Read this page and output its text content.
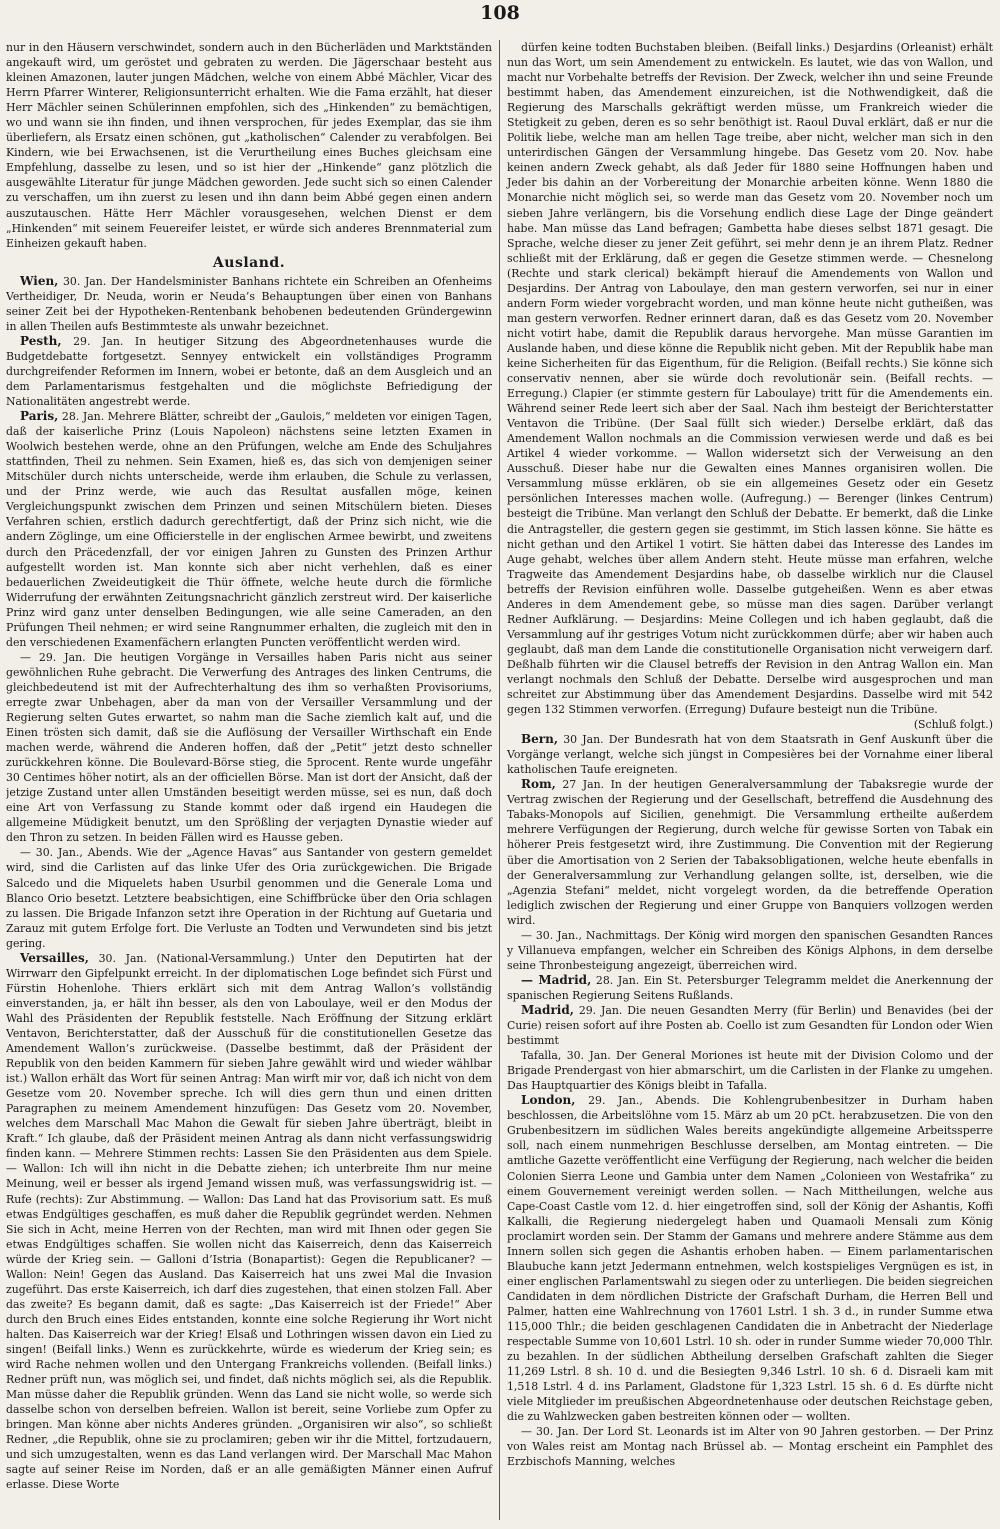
108

nur in den Häusern verschwindet, sondern auch in den Bücherläden und Marktständen angekauft wird, um geröstet und gebraten zu werden. Die Jägerschaar besteht aus kleinen Amazonen, lauter jungen Mädchen, welche von einem Abbé Mächler, Vicar des Herrn Pfarrer Winterer, Religionsunterricht erhalten. Wie die Fama erzählt, hat dieser Herr Mächler seinen Schülerinnen empfohlen, sich des „Hinkenden“ zu bemächtigen, wo und wann sie ihn finden, und ihnen versprochen, für jedes Exemplar, das sie ihm überliefern, als Ersatz einen schönen, gut „katholischen“ Calender zu verabfolgen. Bei Kindern, wie bei Erwachsenen, ist die Verurtheilung eines Buches gleichsam eine Empfehlung, dasselbe zu lesen, und so ist hier der „Hinkende“ ganz plötzlich die ausgewählte Literatur für junge Mädchen geworden. Jede sucht sich so einen Calender zu verschaffen, um ihn zuerst zu lesen und ihn dann beim Abbé gegen einen andern auszutauschen. Hätte Herr Mächler vorausgesehen, welchen Dienst er dem „Hinkenden“ mit seinem Feuereifer leistet, er würde sich anderes Brennmaterial zum Einheizen gekauft haben.

Ausland.

Wien, 30. Jan. Der Handelsminister Banhans richtete ein Schreiben an Ofenheims Vertheidiger, Dr. Neuda, worin er Neuda’s Behauptungen über einen von Banhans seiner Zeit bei der Hypotheken-Rentenbank behobenen bedeutenden Gründergewinn in allen Theilen aufs Bestimmteste als unwahr bezeichnet.

Pesth, 29. Jan. In heutiger Sitzung des Abgeordnetenhauses wurde die Budgetdebatte fortgesetzt. Sennyey entwickelt ein vollständiges Programm durchgreifender Reformen im Innern, wobei er betonte, daß an dem Ausgleich und an dem Parlamentarismus festgehalten und die möglichste Befriedigung der Nationalitäten angestrebt werde.

Paris, 28. Jan. Mehrere Blätter, schreibt der „Gaulois,“ meldeten vor einigen Tagen, daß der kaiserliche Prinz (Louis Napoleon) nächstens seine letzten Examen in Woolwich bestehen werde, ohne an den Prüfungen, welche am Ende des Schuljahres stattfinden, Theil zu nehmen. Sein Examen, hieß es, das sich von demjenigen seiner Mitschüler durch nichts unterscheide, werde ihm erlauben, die Schule zu verlassen, und der Prinz werde, wie auch das Resultat ausfallen möge, keinen Vergleichungspunkt zwischen dem Prinzen und seinen Mitschülern bieten. Dieses Verfahren schien, erstlich dadurch gerechtfertigt, daß der Prinz sich nicht, wie die andern Zöglinge, um eine Officierstelle in der englischen Armee bewirbt, und zweitens durch den Präcedenzfall, der vor einigen Jahren zu Gunsten des Prinzen Arthur aufgestellt worden ist. Man konnte sich aber nicht verhehlen, daß es einer bedauerlichen Zweideutigkeit die Thür öffnete, welche heute durch die förmliche Widerrufung der erwähnten Zeitungsnachricht gänzlich zerstreut wird. Der kaiserliche Prinz wird ganz unter denselben Bedingungen, wie alle seine Cameraden, an den Prüfungen Theil nehmen; er wird seine Rangnummer erhalten, die zugleich mit den in den verschiedenen Examenfächern erlangten Puncten veröffentlicht werden wird.

— 29. Jan. Die heutigen Vorgänge in Versailles haben Paris nicht aus seiner gewöhnlichen Ruhe gebracht. Die Verwerfung des Antrages des linken Centrums, die gleichbedeutend ist mit der Aufrechterhaltung des ihm so verhaßten Provisoriums, erregte zwar Unbehagen, aber da man von der Versailler Versammlung und der Regierung selten Gutes erwartet, so nahm man die Sache ziemlich kalt auf, und die Einen trösten sich damit, daß sie die Auflösung der Versailler Wirthschaft ein Ende machen werde, während die Anderen hoffen, daß der „Petit“ jetzt desto schneller zurückkehren könne. Die Boulevard-Börse stieg, die 5procent. Rente wurde ungefähr 30 Centimes höher notirt, als an der officiellen Börse. Man ist dort der Ansicht, daß der jetzige Zustand unter allen Umständen beseitigt werden müsse, sei es nun, daß doch eine Art von Verfassung zu Stande kommt oder daß irgend ein Haudegen die allgemeine Müdigkeit benutzt, um den Sprößling der verjagten Dynastie wieder auf den Thron zu setzen. In beiden Fällen wird es Hausse geben.

— 30. Jan., Abends. Wie der „Agence Havas“ aus Santander von gestern gemeldet wird, sind die Carlisten auf das linke Ufer des Oria zurückgewichen. Die Brigade Salcedo und die Miquelets haben Usurbil genommen und die Generale Loma und Blanco Orio besetzt. Letztere beabsichtigen, eine Schiffbrücke über den Oria schlagen zu lassen. Die Brigade Infanzon setzt ihre Operation in der Richtung auf Guetaria und Zarauz mit gutem Erfolge fort. Die Verluste an Todten und Verwundeten sind bis jetzt gering.

Versailles, 30. Jan. (National-Versammlung.) Unter den Deputirten hat der Wirrwarr den Gipfelpunkt erreicht. In der diplomatischen Loge befindet sich Fürst und Fürstin Hohenlohe. Thiers erklärt sich mit dem Antrag Wallon’s vollständig einverstanden, ja, er hält ihn besser, als den von Laboulaye, weil er den Modus der Wahl des Präsidenten der Republik feststelle. Nach Eröffnung der Sitzung erklärt Ventavon, Berichterstatter, daß der Ausschuß für die constitutionellen Gesetze das Amendement Wallon’s zurückweise. (Dasselbe bestimmt, daß der Präsident der Republik von den beiden Kammern für sieben Jahre gewählt wird und wieder wählbar ist.) Wallon erhält das Wort für seinen Antrag: Man wirft mir vor, daß ich nicht von dem Gesetze vom 20. November spreche. Ich will dies gern thun und einen dritten Paragraphen zu meinem Amendement hinzufügen: Das Gesetz vom 20. November, welches dem Marschall Mac Mahon die Gewalt für sieben Jahre überträgt, bleibt in Kraft.“ Ich glaube, daß der Präsident meinen Antrag als dann nicht verfassungswidrig finden kann. — Mehrere Stimmen rechts: Lassen Sie den Präsidenten aus dem Spiele. — Wallon: Ich will ihn nicht in die Debatte ziehen; ich unterbreite Ihm nur meine Meinung, weil er besser als irgend Jemand wissen muß, was verfassungswidrig ist. — Rufe (rechts): Zur Abstimmung. — Wallon: Das Land hat das Provisorium satt. Es muß etwas Endgültiges geschaffen, es muß daher die Republik gegründet werden. Nehmen Sie sich in Acht, meine Herren von der Rechten, man wird mit Ihnen oder gegen Sie etwas Endgültiges schaffen. Sie wollen nicht das Kaiserreich, denn das Kaiserreich würde der Krieg sein. — Galloni d’Istria (Bonapartist): Gegen die Republicaner? — Wallon: Nein! Gegen das Ausland. Das Kaiserreich hat uns zwei Mal die Invasion zugeführt. Das erste Kaiserreich, ich darf dies zugestehen, that einen stolzen Fall. Aber das zweite? Es begann damit, daß es sagte: „Das Kaiserreich ist der Friede!“ Aber durch den Bruch eines Eides entstanden, konnte eine solche Regierung ihr Wort nicht halten. Das Kaiserreich war der Krieg! Elsaß und Lothringen wissen davon ein Lied zu singen! (Beifall links.) Wenn es zurückkehrte, würde es wiederum der Krieg sein; es wird Rache nehmen wollen und den Untergang Frankreichs vollenden. (Beifall links.) Redner prüft nun, was möglich sei, und findet, daß nichts möglich sei, als die Republik. Man müsse daher die Republik gründen. Wenn das Land sie nicht wolle, so werde sich dasselbe schon von derselben befreien. Wallon ist bereit, seine Vorliebe zum Opfer zu bringen. Man könne aber nichts Anderes gründen. „Organisiren wir also“, so schließt Redner, „die Republik, ohne sie zu proclamiren; geben wir ihr die Mittel, fortzudauern, und sich umzugestalten, wenn es das Land verlangen wird. Der Marschall Mac Mahon sagte auf seiner Reise im Norden, daß er an alle gemäßigten Männer einen Aufruf erlasse. Diese Worte

dürfen keine todten Buchstaben bleiben. (Beifall links.) Desjardins (Orleanist) erhält nun das Wort, um sein Amendement zu entwickeln. Es lautet, wie das von Wallon, und macht nur Vorbehalte betreffs der Revision. Der Zweck, welcher ihn und seine Freunde bestimmt haben, das Amendement einzureichen, ist die Nothwendigkeit, daß die Regierung des Marschalls gekräftigt werden müsse, um Frankreich wieder die Stetigkeit zu geben, deren es so sehr benöthigt ist. Raoul Duval erklärt, daß er nur die Politik liebe, welche man am hellen Tage treibe, aber nicht, welcher man sich in den unterirdischen Gängen der Versammlung hingebe. Das Gesetz vom 20. Nov. habe keinen andern Zweck gehabt, als daß Jeder für 1880 seine Hoffnungen haben und Jeder bis dahin an der Vorbereitung der Monarchie arbeiten könne. Wenn 1880 die Monarchie nicht möglich sei, so werde man das Gesetz vom 20. November noch um sieben Jahre verlängern, bis die Vorsehung endlich diese Lage der Dinge geändert habe. Man müsse das Land befragen; Gambetta habe dieses selbst 1871 gesagt. Die Sprache, welche dieser zu jener Zeit geführt, sei mehr denn je an ihrem Platz. Redner schließt mit der Erklärung, daß er gegen die Gesetze stimmen werde. — Chesnelong (Rechte und stark clerical) bekämpft hierauf die Amendements von Wallon und Desjardins. Der Antrag von Laboulaye, den man gestern verworfen, sei nur in einer andern Form wieder vorgebracht worden, und man könne heute nicht gutheißen, was man gestern verworfen. Redner erinnert daran, daß es das Gesetz vom 20. November nicht votirt habe, damit die Republik daraus hervorgehe. Man müsse Garantien im Auslande haben, und diese könne die Republik nicht geben. Mit der Republik habe man keine Sicherheiten für das Eigenthum, für die Religion. (Beifall rechts.) Sie könne sich conservativ nennen, aber sie würde doch revolutionär sein. (Beifall rechts. — Erregung.) Clapier (er stimmte gestern für Laboulaye) tritt für die Amendements ein. Während seiner Rede leert sich aber der Saal. Nach ihm besteigt der Berichterstatter Ventavon die Tribüne. (Der Saal füllt sich wieder.) Derselbe erklärt, daß das Amendement Wallon nochmals an die Commission verwiesen werde und daß es bei Artikel 4 wieder vorkomme. — Wallon widersetzt sich der Verweisung an den Ausschuß. Dieser habe nur die Gewalten eines Mannes organisiren wollen. Die Versammlung müsse erklären, ob sie ein allgemeines Gesetz oder ein Gesetz persönlichen Interesses machen wolle. (Aufregung.) — Berenger (linkes Centrum) besteigt die Tribüne. Man verlangt den Schluß der Debatte. Er bemerkt, daß die Linke die Antragsteller, die gestern gegen sie gestimmt, im Stich lassen könne. Sie hätte es nicht gethan und den Artikel 1 votirt. Sie hätten dabei das Interesse des Landes im Auge gehabt, welches über allem Andern steht. Heute müsse man erfahren, welche Tragweite das Amendement Desjardins habe, ob dasselbe wirklich nur die Clausel betreffs der Revision einführen wolle. Dasselbe gutgeheißen. Wenn es aber etwas Anderes in dem Amendement gebe, so müsse man dies sagen. Darüber verlangt Redner Aufklärung. — Desjardins: Meine Collegen und ich haben geglaubt, daß die Versammlung auf ihr gestriges Votum nicht zurückkommen dürfe; aber wir haben auch geglaubt, daß man dem Lande die constitutionelle Organisation nicht verweigern darf. Deßhalb führten wir die Clausel betreffs der Revision in den Antrag Wallon ein. Man verlangt nochmals den Schluß der Debatte. Derselbe wird ausgesprochen und man schreitet zur Abstimmung über das Amendement Desjardins. Dasselbe wird mit 542 gegen 132 Stimmen verworfen. (Erregung) Dufaure besteigt nun die Tribüne.

(Schluß folgt.)

Bern, 30 Jan. Der Bundesrath hat von dem Staatsrath in Genf Auskunft über die Vorgänge verlangt, welche sich jüngst in Compesières bei der Vornahme einer liberal katholischen Taufe ereigneten.

Rom, 27 Jan. In der heutigen Generalversammlung der Tabaksregie wurde der Vertrag zwischen der Regierung und der Gesellschaft, betreffend die Ausdehnung des Tabaks-Monopols auf Sicilien, genehmigt. Die Versammlung ertheilte außerdem mehrere Verfügungen der Regierung, durch welche für gewisse Sorten von Tabak ein höherer Preis festgesetzt wird, ihre Zustimmung. Die Convention mit der Regierung über die Amortisation von 2 Serien der Tabaksobligationen, welche heute ebenfalls in der Generalversammlung zur Verhandlung gelangen sollte, ist, derselben, wie die „Agenzia Stefani“ meldet, nicht vorgelegt worden, da die betreffende Operation lediglich zwischen der Regierung und einer Gruppe von Banquiers vollzogen werden wird.

— 30. Jan., Nachmittags. Der König wird morgen den spanischen Gesandten Rances y Villanueva empfangen, welcher ein Schreiben des Königs Alphons, in dem derselbe seine Thronbesteigung angezeigt, überreichen wird.

— Madrid, 28. Jan. Ein St. Petersburger Telegramm meldet die Anerkennung der spanischen Regierung Seitens Rußlands.

Madrid, 29. Jan. Die neuen Gesandten Merry (für Berlin) und Benavides (bei der Curie) reisen sofort auf ihre Posten ab. Coello ist zum Gesandten für London oder Wien bestimmt

Tafalla, 30. Jan. Der General Moriones ist heute mit der Division Colomo und der Brigade Prendergast von hier abmarschirt, um die Carlisten in der Flanke zu umgehen. Das Hauptquartier des Königs bleibt in Tafalla.

London, 29. Jan., Abends. Die Kohlengrubenbesitzer in Durham haben beschlossen, die Arbeitslöhne vom 15. März ab um 20 pCt. herabzusetzen. Die von den Grubenbesitzern im südlichen Wales bereits angekündigte allgemeine Arbeitssperre soll, nach einem nunmehrigen Beschlusse derselben, am Montag eintreten. — Die amtliche Gazette veröffentlicht eine Verfügung der Regierung, nach welcher die beiden Colonien Sierra Leone und Gambia unter dem Namen „Colonieen von Westafrika“ zu einem Gouvernement vereinigt werden sollen. — Nach Mittheilungen, welche aus Cape-Coast Castle vom 12. d. hier eingetroffen sind, soll der König der Ashantis, Koffi Kalkalli, die Regierung niedergelegt haben und Quamaoli Mensali zum König proclamirt worden sein. Der Stamm der Gamans und mehrere andere Stämme aus dem Innern sollen sich gegen die Ashantis erhoben haben. — Einem parlamentarischen Blaubuche kann jetzt Jedermann entnehmen, welch kostspieliges Vergnügen es ist, in einer englischen Parlamentswahl zu siegen oder zu unterliegen. Die beiden siegreichen Candidaten in dem nördlichen Districte der Grafschaft Durham, die Herren Bell und Palmer, hatten eine Wahlrechnung von 17601 Lstrl. 1 sh. 3 d., in runder Summe etwa 115,000 Thlr.; die beiden geschlagenen Candidaten die in Anbetracht der Niederlage respectable Summe von 10,601 Lstrl. 10 sh. oder in runder Summe wieder 70,000 Thlr. zu bezahlen. In der südlichen Abtheilung derselben Grafschaft zahlten die Sieger 11,269 Lstrl. 8 sh. 10 d. und die Besiegten 9,346 Lstrl. 10 sh. 6 d. Disraeli kam mit 1,518 Lstrl. 4 d. ins Parlament, Gladstone für 1,323 Lstrl. 15 sh. 6 d. Es dürfte nicht viele Mitglieder im preußischen Abgeordnetenhause oder deutschen Reichstage geben, die zu Wahlzwecken gaben bestreiten können oder — wollten.

— 30. Jan. Der Lord St. Leonards ist im Alter von 90 Jahren gestorben. — Der Prinz von Wales reist am Montag nach Brüssel ab. — Montag erscheint ein Pamphlet des Erzbischofs Manning, welches
